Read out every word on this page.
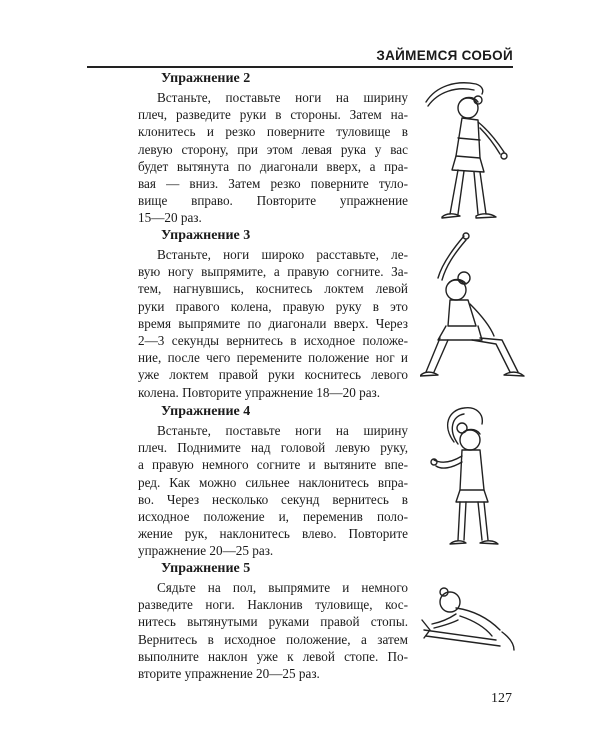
ЗАЙМЕМСЯ СОБОЙ
Упражнение 2
Встаньте, поставьте ноги на ширину
плеч, разведите руки в стороны. Затем на-
клонитесь и резко поверните туловище в
левую сторону, при этом левая рука у вас
будет вытянута по диагонали вверх, а пра-
вая — вниз. Затем резко поверните туло-
вище вправо. Повторите упражнение
15—20 раз.
Упражнение 3
Встаньте, ноги широко расставьте, ле-
вую ногу выпрямите, а правую согните. За-
тем, нагнувшись, коснитесь локтем левой
руки правого колена, правую руку в это
время выпрямите по диагонали вверх. Через
2—3 секунды вернитесь в исходное положе-
ние, после чего перемените положение ног и
уже локтем правой руки коснитесь левого
колена. Повторите упражнение 18—20 раз.
Упражнение 4
Встаньте, поставьте ноги на ширину
плеч. Поднимите над головой левую руку,
а правую немного согните и вытяните впе-
ред. Как можно сильнее наклонитесь впра-
во. Через несколько секунд вернитесь в
исходное положение и, переменив поло-
жение рук, наклонитесь влево. Повторите
упражнение 20—25 раз.
Упражнение 5
Сядьте на пол, выпрямите и немного
разведите ноги. Наклонив туловище, кос-
нитесь вытянутыми руками правой стопы.
Вернитесь в исходное положение, а затем
выполните наклон уже к левой стопе. По-
вторите упражнение 20—25 раз.
127
